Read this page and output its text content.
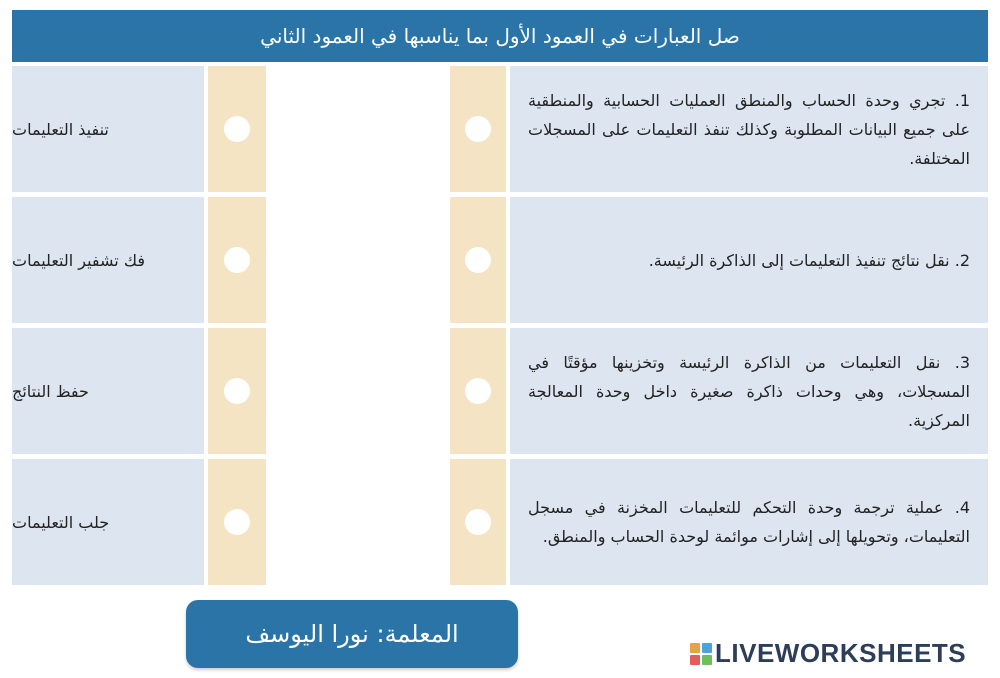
صل العبارات في العمود الأول بما يناسبها في العمود الثاني
تنفيذ التعليمات
1. تجري وحدة الحساب والمنطق العمليات الحسابية والمنطقية على جميع البيانات المطلوبة وكذلك تنفذ التعليمات على المسجلات المختلفة.
فك تشفير التعليمات	2. نقل نتائج تنفيذ التعليمات إلى الذاكرة الرئيسة.
حفظ النتائج
3. نقل التعليمات من الذاكرة الرئيسة وتخزينها مؤقتًا في المسجلات، وهي وحدات ذاكرة صغيرة داخل وحدة المعالجة المركزية.
جلب التعليمات
4. عملية ترجمة وحدة التحكم للتعليمات المخزنة في مسجل التعليمات، وتحويلها إلى إشارات موائمة لوحدة الحساب والمنطق.
المعلمة: نورا اليوسف
LIVEWORKSHEETS
